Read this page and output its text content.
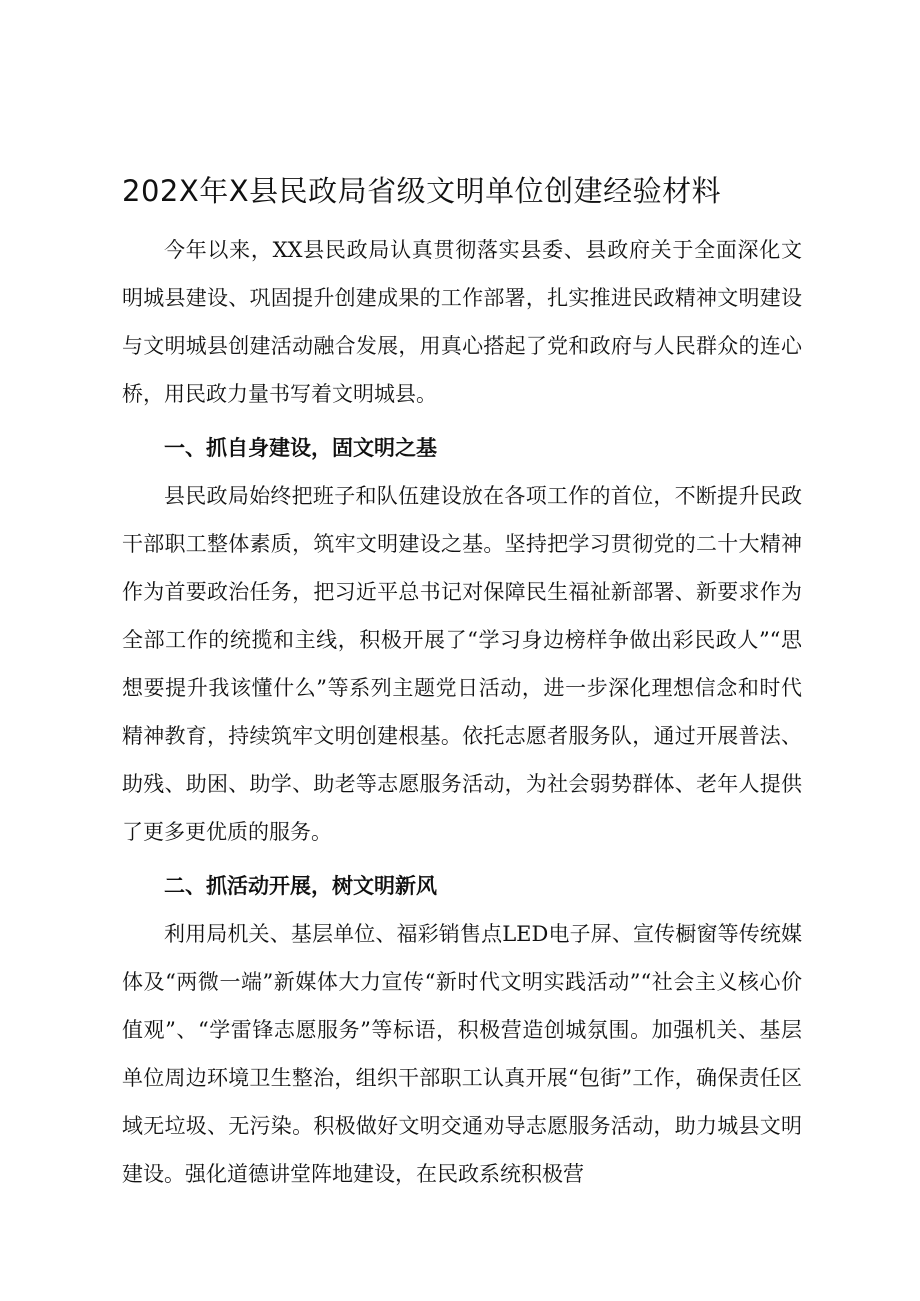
202X年X县民政局省级文明单位创建经验材料

今年以来，XX县民政局认真贯彻落实县委、县政府关于全面深化文明城县建设、巩固提升创建成果的工作部署，扎实推进民政精神文明建设与文明城县创建活动融合发展，用真心搭起了党和政府与人民群众的连心桥，用民政力量书写着文明城县。

一、抓自身建设，固文明之基

县民政局始终把班子和队伍建设放在各项工作的首位，不断提升民政干部职工整体素质，筑牢文明建设之基。坚持把学习贯彻党的二十大精神作为首要政治任务，把习近平总书记对保障民生福祉新部署、新要求作为全部工作的统揽和主线，积极开展了“学习身边榜样争做出彩民政人”“思想要提升我该懂什么”等系列主题党日活动，进一步深化理想信念和时代精神教育，持续筑牢文明创建根基。依托志愿者服务队，通过开展普法、助残、助困、助学、助老等志愿服务活动，为社会弱势群体、老年人提供了更多更优质的服务。

二、抓活动开展，树文明新风

利用局机关、基层单位、福彩销售点LED电子屏、宣传橱窗等传统媒体及“两微一端”新媒体大力宣传“新时代文明实践活动”“社会主义核心价值观”、“学雷锋志愿服务”等标语，积极营造创城氛围。加强机关、基层单位周边环境卫生整治，组织干部职工认真开展“包街”工作，确保责任区域无垃圾、无污染。积极做好文明交通劝导志愿服务活动，助力城县文明建设。强化道德讲堂阵地建设，在民政系统积极营
